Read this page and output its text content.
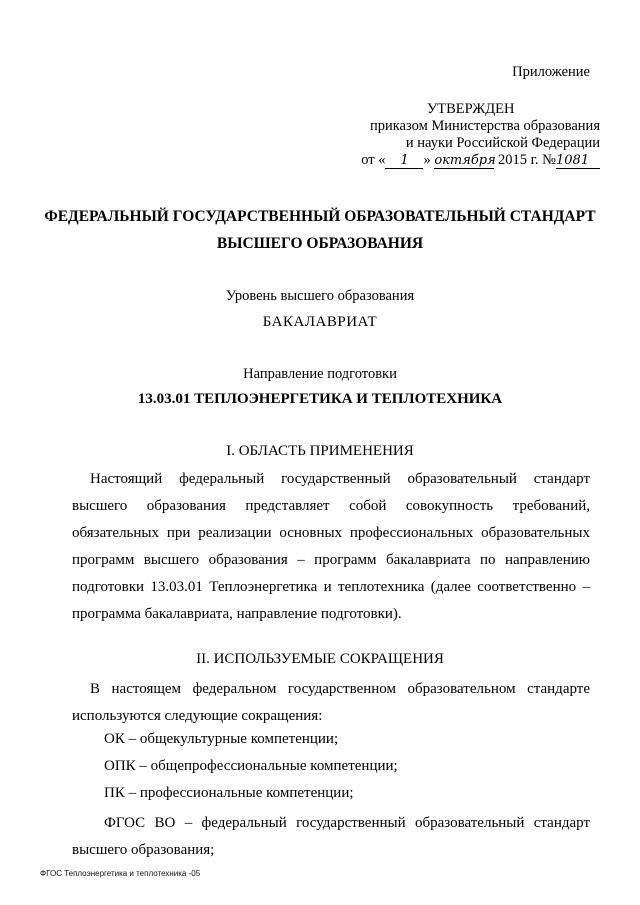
Приложение
УТВЕРЖДЕН
приказом Министерства образования
и науки Российской Федерации
от « 1 » октября 2015 г. №1081
ФЕДЕРАЛЬНЫЙ ГОСУДАРСТВЕННЫЙ ОБРАЗОВАТЕЛЬНЫЙ СТАНДАРТ
ВЫСШЕГО ОБРАЗОВАНИЯ
Уровень высшего образования
БАКАЛАВРИАТ
Направление подготовки
13.03.01 ТЕПЛОЭНЕРГЕТИКА И ТЕПЛОТЕХНИКА
I. ОБЛАСТЬ ПРИМЕНЕНИЯ
Настоящий федеральный государственный образовательный стандарт высшего образования представляет собой совокупность требований, обязательных при реализации основных профессиональных образовательных программ высшего образования – программ бакалавриата по направлению подготовки 13.03.01 Теплоэнергетика и теплотехника (далее соответственно – программа бакалавриата, направление подготовки).
II. ИСПОЛЬЗУЕМЫЕ СОКРАЩЕНИЯ
В настоящем федеральном государственном образовательном стандарте используются следующие сокращения:
ОК – общекультурные компетенции;
ОПК – общепрофессиональные компетенции;
ПК – профессиональные компетенции;
ФГОС ВО – федеральный государственный образовательный стандарт высшего образования;
ФГОС Теплоэнергетика и теплотехника -05
